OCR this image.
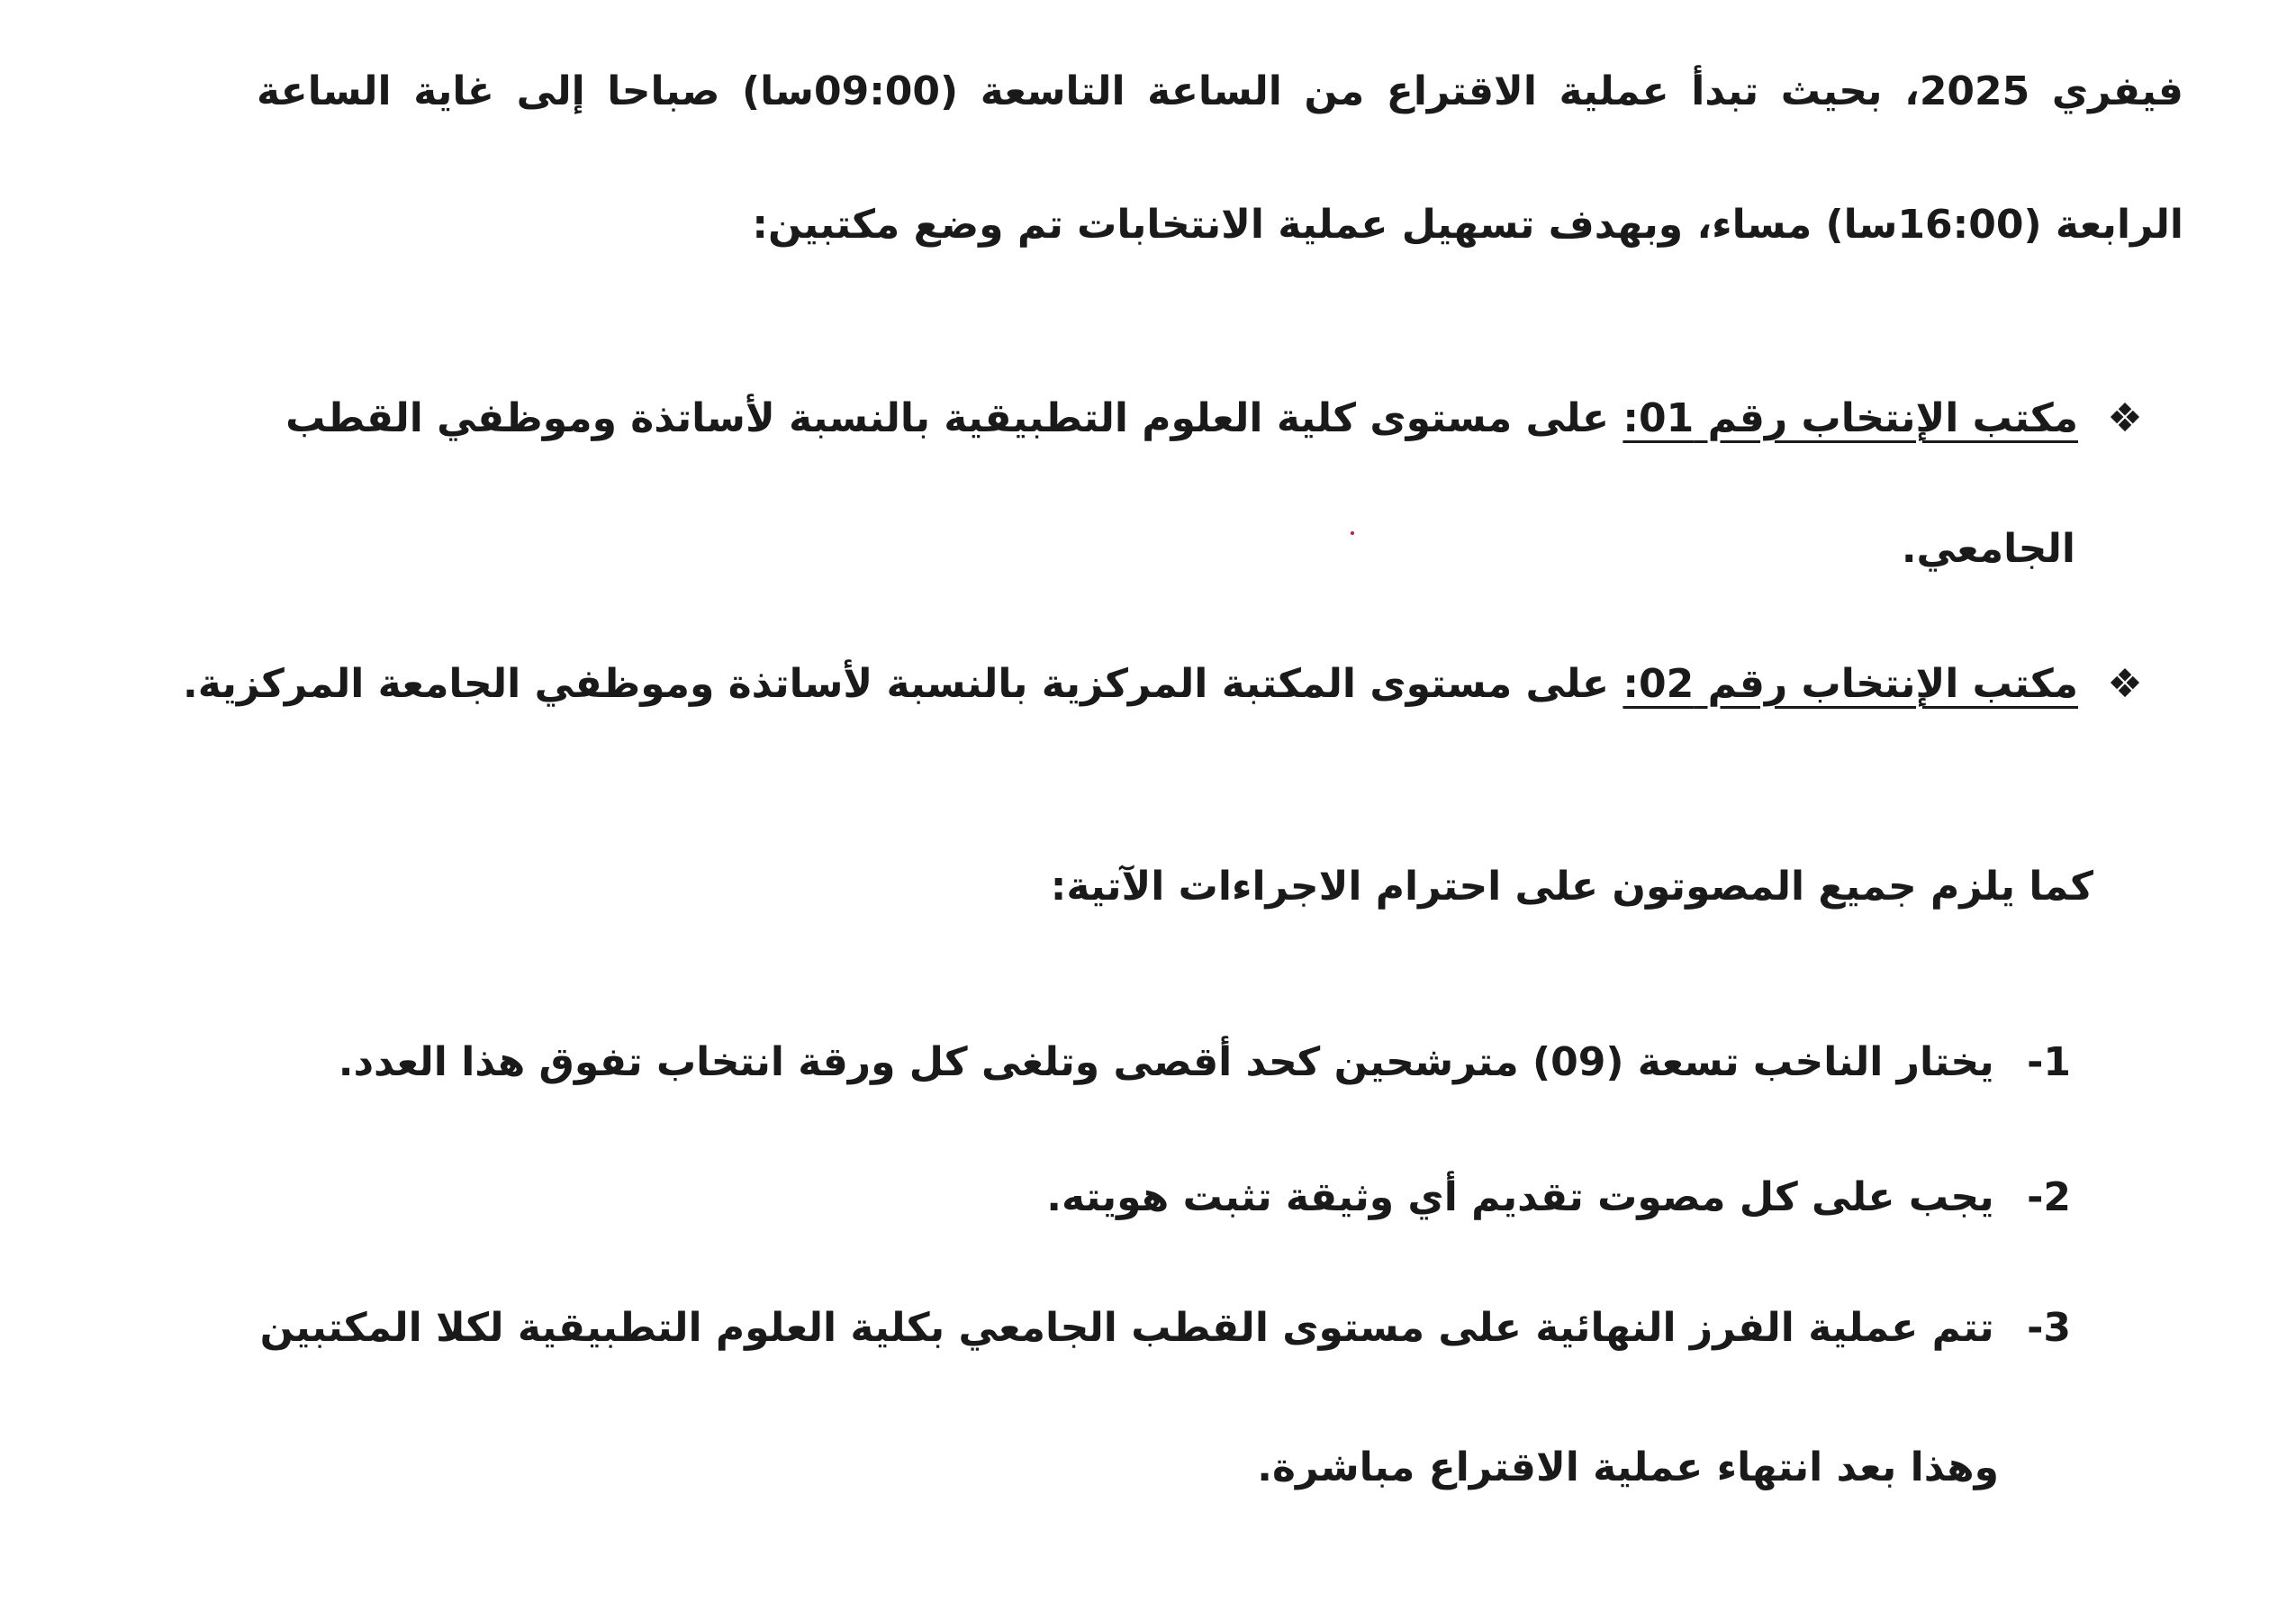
فيفري 2025، بحيث تبدأ عملية الاقتراع من الساعة التاسعة (09:00سا) صباحا إلى غاية الساعة
الرابعة (16:00سا) مساء، وبهدف تسهيل عملية الانتخابات تم وضع مكتبين:
❖مكتب الإنتخاب رقم 01: على مستوى كلية العلوم التطبيقية بالنسبة لأساتذة وموظفي القطب
الجامعي.
❖مكتب الإنتخاب رقم 02: على مستوى المكتبة المركزية بالنسبة لأساتذة وموظفي الجامعة المركزية.
كما يلزم جميع المصوتون على احترام الاجراءات الآتية:
1- يختار الناخب تسعة (09) مترشحين كحد أقصى وتلغى كل ورقة انتخاب تفوق هذا العدد.
2- يجب على كل مصوت تقديم أي وثيقة تثبت هويته.
3- تتم عملية الفرز النهائية على مستوى القطب الجامعي بكلية العلوم التطبيقية لكلا المكتبين
وهذا بعد انتهاء عملية الاقتراع مباشرة.
